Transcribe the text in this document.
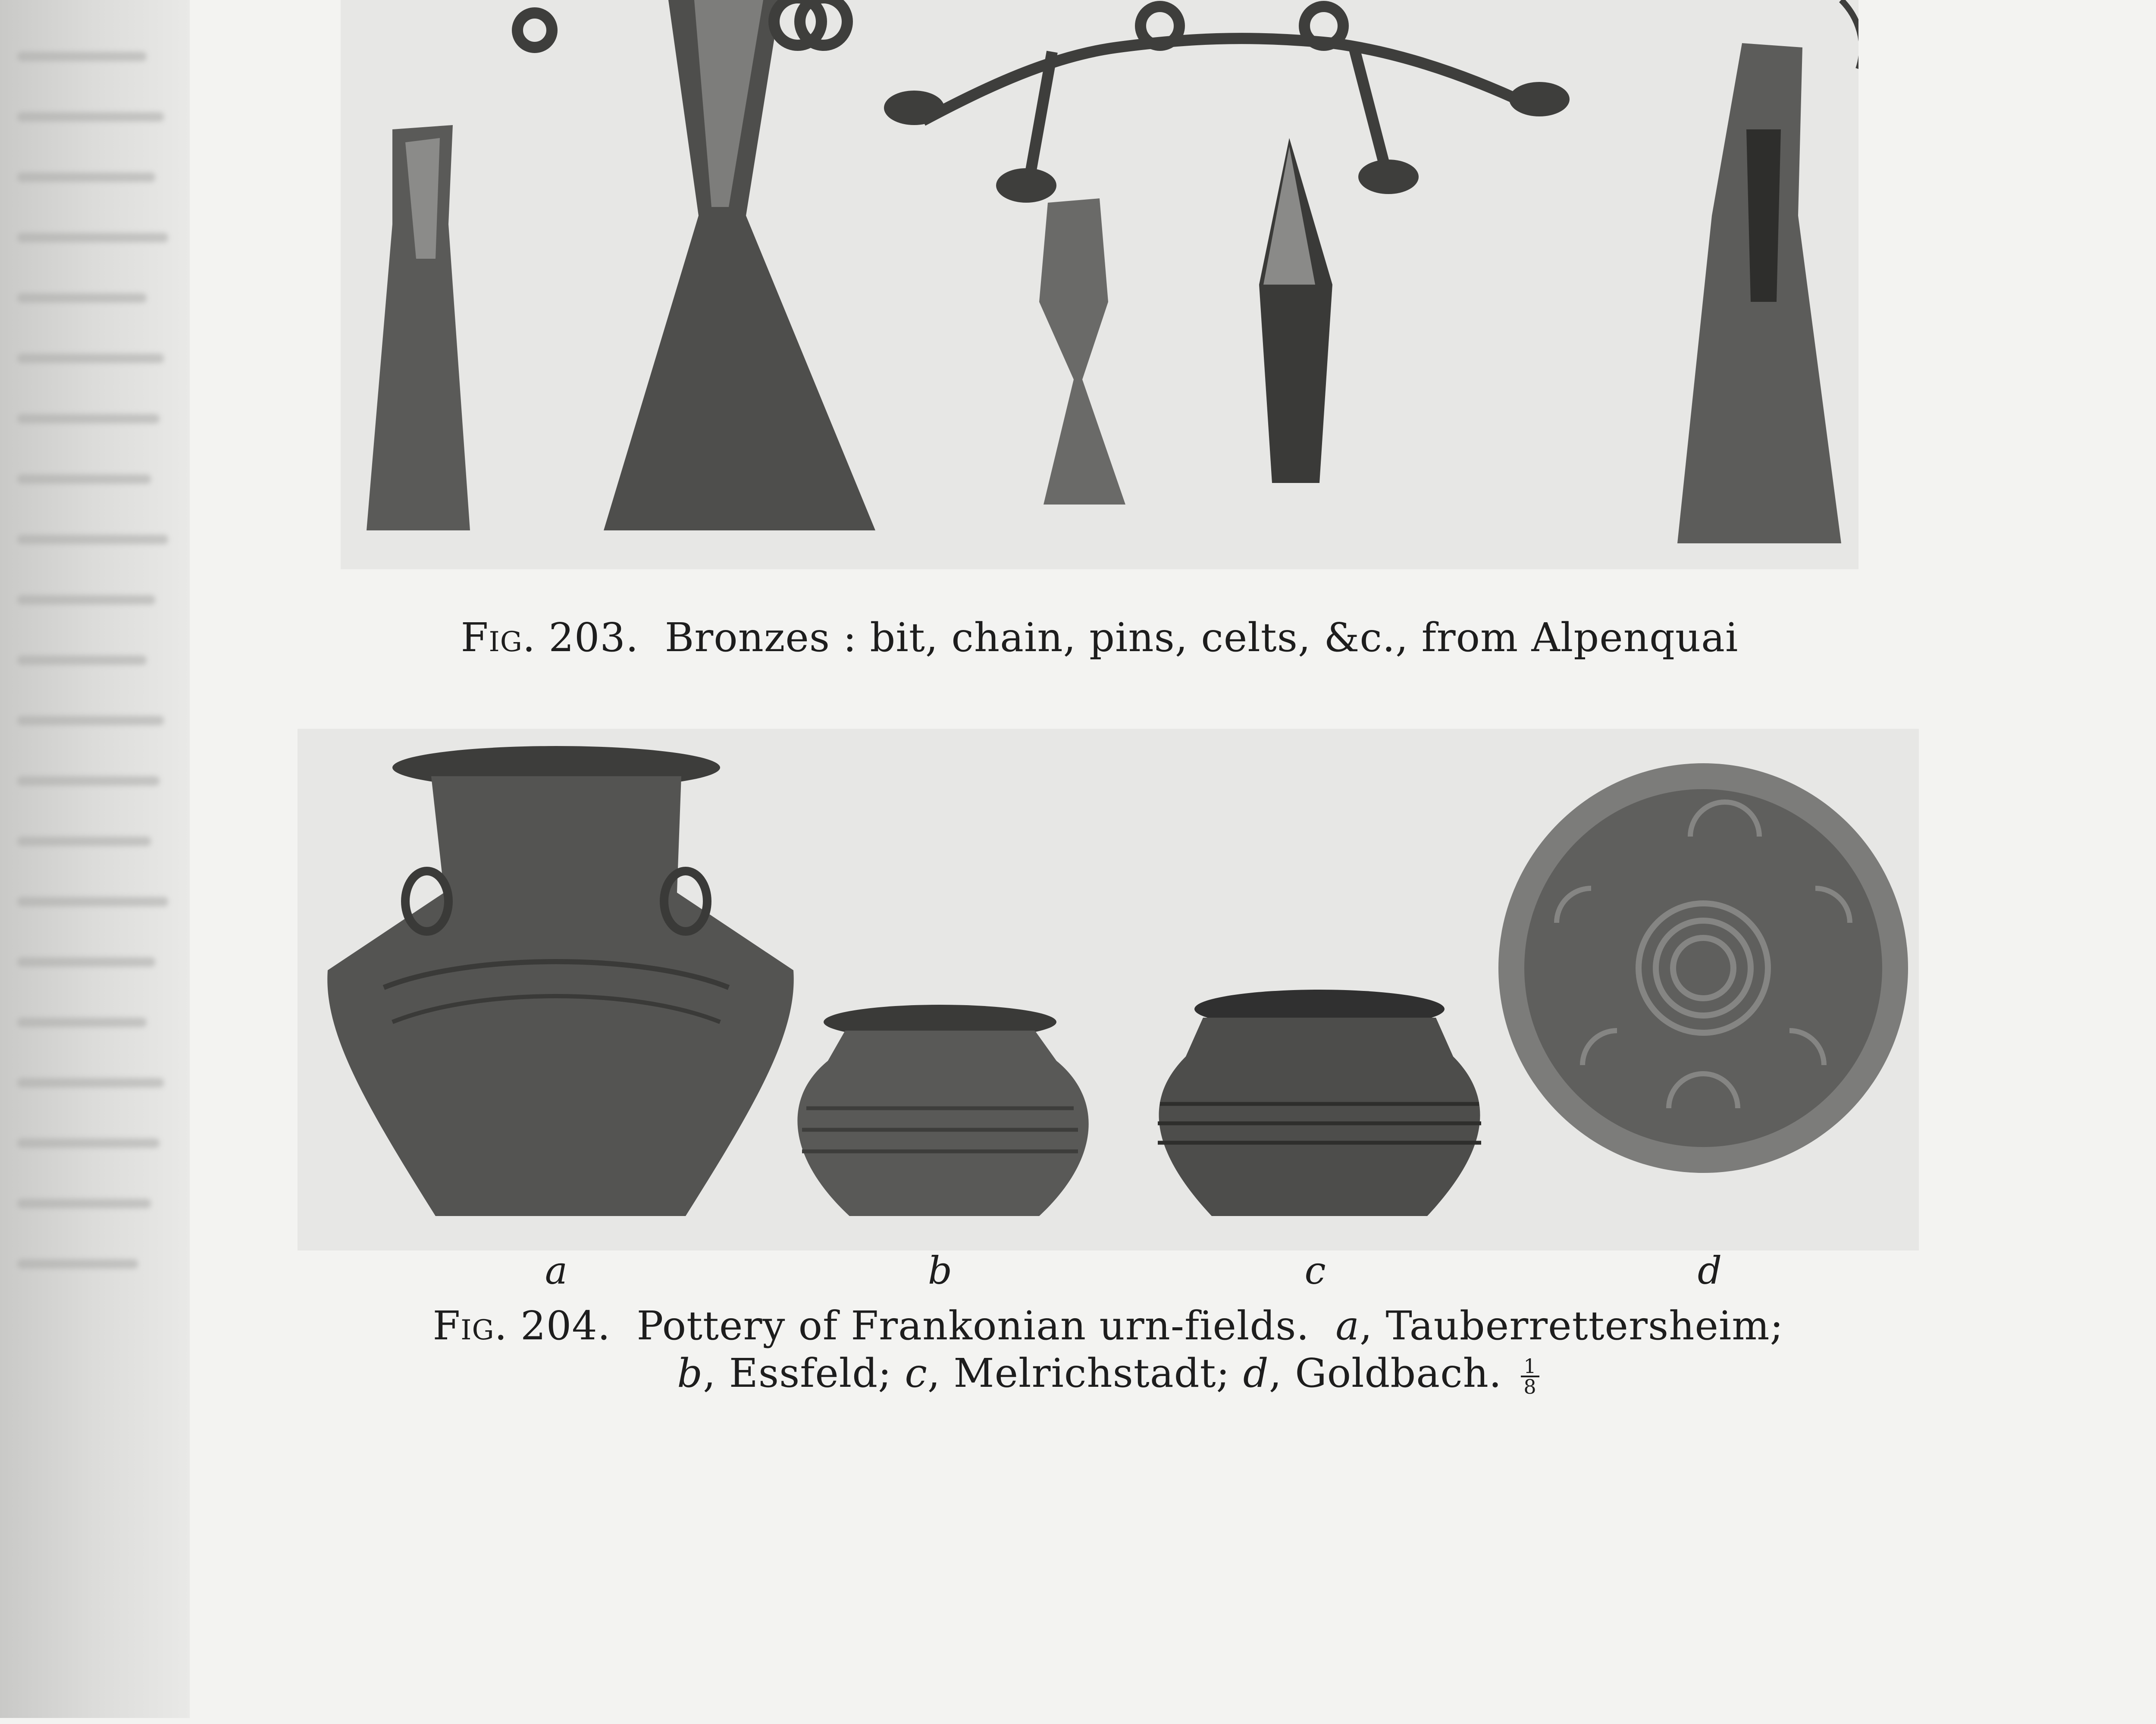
Fig. 203. Bronzes : bit, chain, pins, celts, &c., from Alpenquai
a	b	c	d
Fig. 204. Pottery of Frankonian urn-fields. a, Tauberrettersheim;
b, Essfeld; c, Melrichstadt; d, Goldbach. $\frac{1}{8}$
